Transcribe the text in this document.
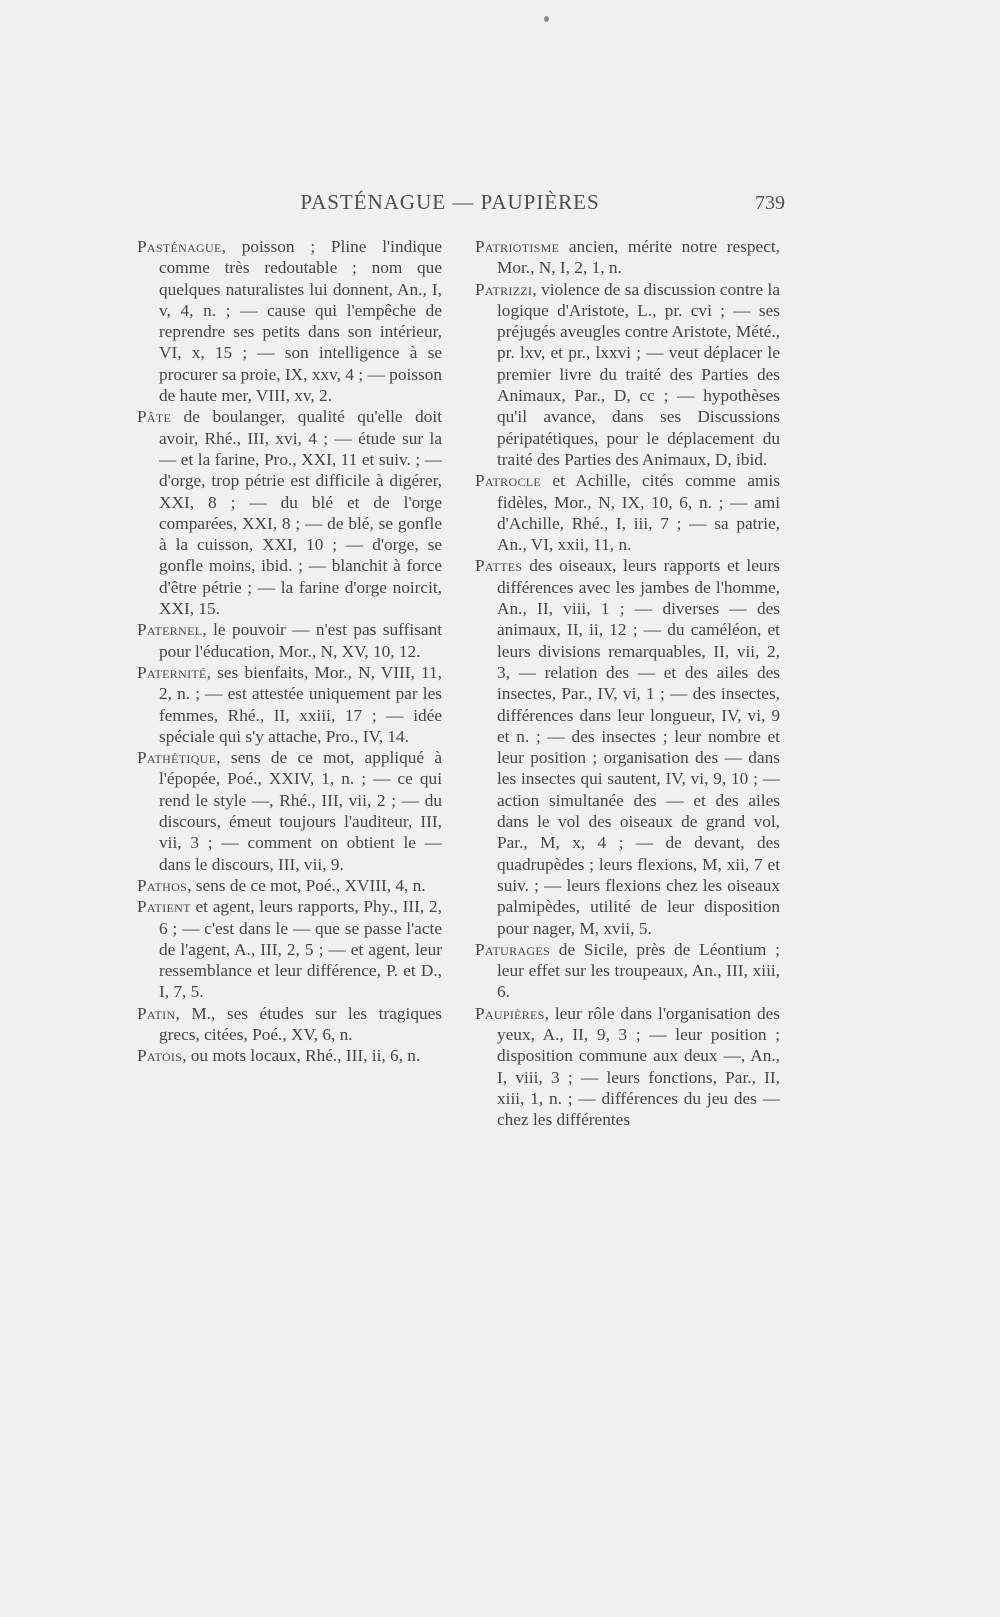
PASTÉNAGUE — PAUPIÈRES	739

Pasténague, poisson ; Pline l'indique comme très redoutable ; nom que quelques naturalistes lui donnent, An., I, v, 4, n. ; — cause qui l'empêche de reprendre ses petits dans son intérieur, VI, x, 15 ; — son intelligence à se procurer sa proie, IX, xxv, 4 ; — poisson de haute mer, VIII, xv, 2.

Pâte de boulanger, qualité qu'elle doit avoir, Rhé., III, xvi, 4 ; — étude sur la — et la farine, Pro., XXI, 11 et suiv. ; — d'orge, trop pétrie est difficile à digérer, XXI, 8 ; — du blé et de l'orge comparées, XXI, 8 ; — de blé, se gonfle à la cuisson, XXI, 10 ; — d'orge, se gonfle moins, ibid. ; — blanchit à force d'être pétrie ; — la farine d'orge noircit, XXI, 15.

Paternel, le pouvoir — n'est pas suffisant pour l'éducation, Mor., N, XV, 10, 12.

Paternité, ses bienfaits, Mor., N, VIII, 11, 2, n. ; — est attestée uniquement par les femmes, Rhé., II, xxiii, 17 ; — idée spéciale qui s'y attache, Pro., IV, 14.

Pathétique, sens de ce mot, appliqué à l'épopée, Poé., XXIV, 1, n. ; — ce qui rend le style —, Rhé., III, vii, 2 ; — du discours, émeut toujours l'auditeur, III, vii, 3 ; — comment on obtient le — dans le discours, III, vii, 9.

Pathos, sens de ce mot, Poé., XVIII, 4, n.

Patient et agent, leurs rapports, Phy., III, 2, 6 ; — c'est dans le — que se passe l'acte de l'agent, A., III, 2, 5 ; — et agent, leur ressemblance et leur différence, P. et D., I, 7, 5.

Patin, M., ses études sur les tragiques grecs, citées, Poé., XV, 6, n.

Patois, ou mots locaux, Rhé., III, ii, 6, n.

Patriotisme ancien, mérite notre respect, Mor., N, I, 2, 1, n.

Patrizzi, violence de sa discussion contre la logique d'Aristote, L., pr. cvi ; — ses préjugés aveugles contre Aristote, Mété., pr. lxv, et pr., lxxvi ; — veut déplacer le premier livre du traité des Parties des Animaux, Par., D, cc ; — hypothèses qu'il avance, dans ses Discussions péripatétiques, pour le déplacement du traité des Parties des Animaux, D, ibid.

Patrocle et Achille, cités comme amis fidèles, Mor., N, IX, 10, 6, n. ; — ami d'Achille, Rhé., I, iii, 7 ; — sa patrie, An., VI, xxii, 11, n.

Pattes des oiseaux, leurs rapports et leurs différences avec les jambes de l'homme, An., II, viii, 1 ; — diverses — des animaux, II, ii, 12 ; — du caméléon, et leurs divisions remarquables, II, vii, 2, 3, — relation des — et des ailes des insectes, Par., IV, vi, 1 ; — des insectes, différences dans leur longueur, IV, vi, 9 et n. ; — des insectes ; leur nombre et leur position ; organisation des — dans les insectes qui sautent, IV, vi, 9, 10 ; — action simultanée des — et des ailes dans le vol des oiseaux de grand vol, Par., M, x, 4 ; — de devant, des quadrupèdes ; leurs flexions, M, xii, 7 et suiv. ; — leurs flexions chez les oiseaux palmipèdes, utilité de leur disposition pour nager, M, xvii, 5.

Paturages de Sicile, près de Léontium ; leur effet sur les troupeaux, An., III, xiii, 6.

Paupières, leur rôle dans l'organisation des yeux, A., II, 9, 3 ; — leur position ; disposition commune aux deux —, An., I, viii, 3 ; — leurs fonctions, Par., II, xiii, 1, n. ; — différences du jeu des — chez les différentes
